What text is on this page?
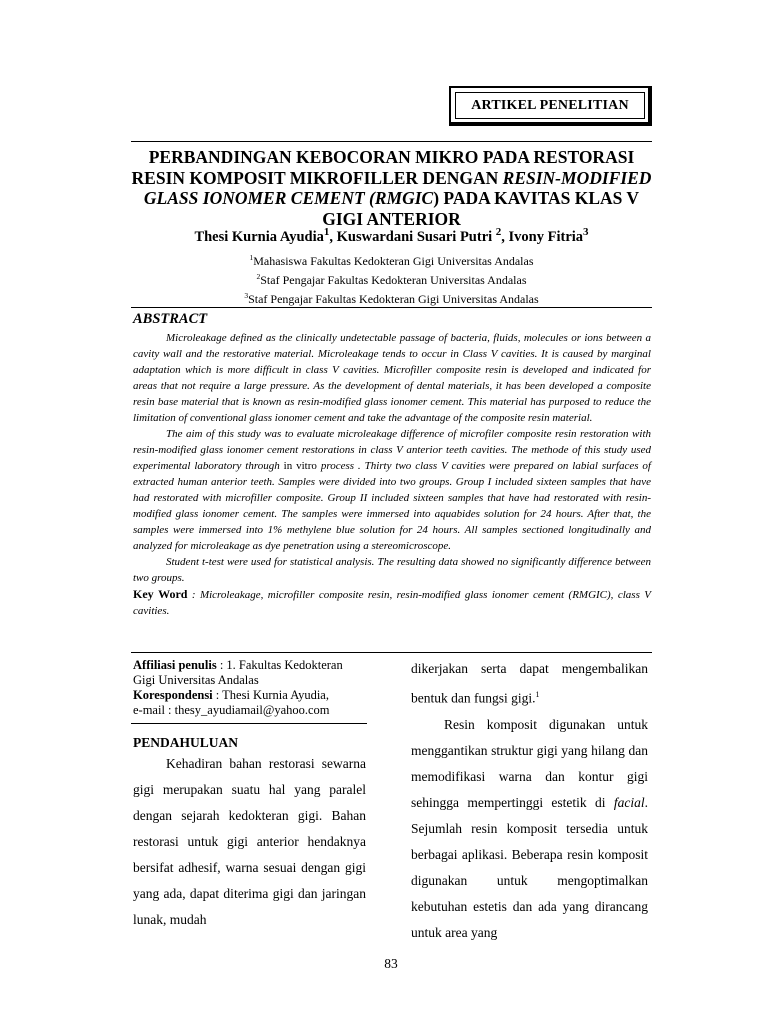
ARTIKEL PENELITIAN
PERBANDINGAN KEBOCORAN MIKRO PADA RESTORASI
RESIN KOMPOSIT MIKROFILLER DENGAN RESIN-MODIFIED
GLASS IONOMER CEMENT (RMGIC) PADA KAVITAS KLAS V
GIGI ANTERIOR
Thesi Kurnia Ayudia$^1$, Kuswardani Susari Putri $^2$, Ivony Fitria$^3$
$^1$Mahasiswa Fakultas Kedokteran Gigi Universitas Andalas
$^2$Staf Pengajar Fakultas Kedokteran Universitas Andalas
$^3$Staf Pengajar Fakultas Kedokteran Gigi Universitas Andalas
ABSTRACT

Microleakage defined as the clinically undetectable passage of bacteria, fluids, molecules or ions between a cavity wall and the restorative material. Microleakage tends to occur in Class V cavities. It is caused by marginal adaptation which is more difficult in class V cavities. Microfiller composite resin is developed and indicated for areas that not require a large pressure. As the development of dental materials, it has been developed a composite resin base material that is known as resin-modified glass ionomer cement. This material has purposed to reduce the limitation of conventional glass ionomer cement and take the advantage of the composite resin material.

The aim of this study was to evaluate microleakage difference of microfiler composite resin restoration with resin-modified glass ionomer cement restorations in class V anterior teeth cavities. The methode of this study used experimental laboratory through in vitro process . Thirty two class V cavities were prepared on labial surfaces of extracted human anterior teeth. Samples were divided into two groups. Group I included sixteen samples that have had restorated with microfiller composite. Group II included sixteen samples that have had restorated with resin-modified glass ionomer cement. The samples were immersed into aquabides solution for 24 hours. After that, the samples were immersed into 1% methylene blue solution for 24 hours. All samples sectioned longitudinally and analyzed for microleakage as dye penetration using a stereomicroscope.

Student t-test were used for statistical analysis. The resulting data showed no significantly difference between two groups.

Key Word : Microleakage, microfiller composite resin, resin-modified glass ionomer cement (RMGIC), class V cavities.
Affiliasi penulis : 1. Fakultas Kedokteran Gigi Universitas Andalas
Korespondensi : Thesi Kurnia Ayudia,
e-mail : thesy_ayudiamail@yahoo.com
PENDAHULUAN

Kehadiran bahan restorasi sewarna gigi merupakan suatu hal yang paralel dengan sejarah kedokteran gigi. Bahan restorasi untuk gigi anterior hendaknya bersifat adhesif, warna sesuai dengan gigi yang ada, dapat diterima gigi dan jaringan lunak, mudah

dikerjakan serta dapat mengembalikan bentuk dan fungsi gigi.$^1$

Resin komposit digunakan untuk menggantikan struktur gigi yang hilang dan memodifikasi warna dan kontur gigi sehingga mempertinggi estetik di facial. Sejumlah resin komposit tersedia untuk berbagai aplikasi. Beberapa resin komposit digunakan untuk mengoptimalkan kebutuhan estetis dan ada yang dirancang untuk area yang

83
